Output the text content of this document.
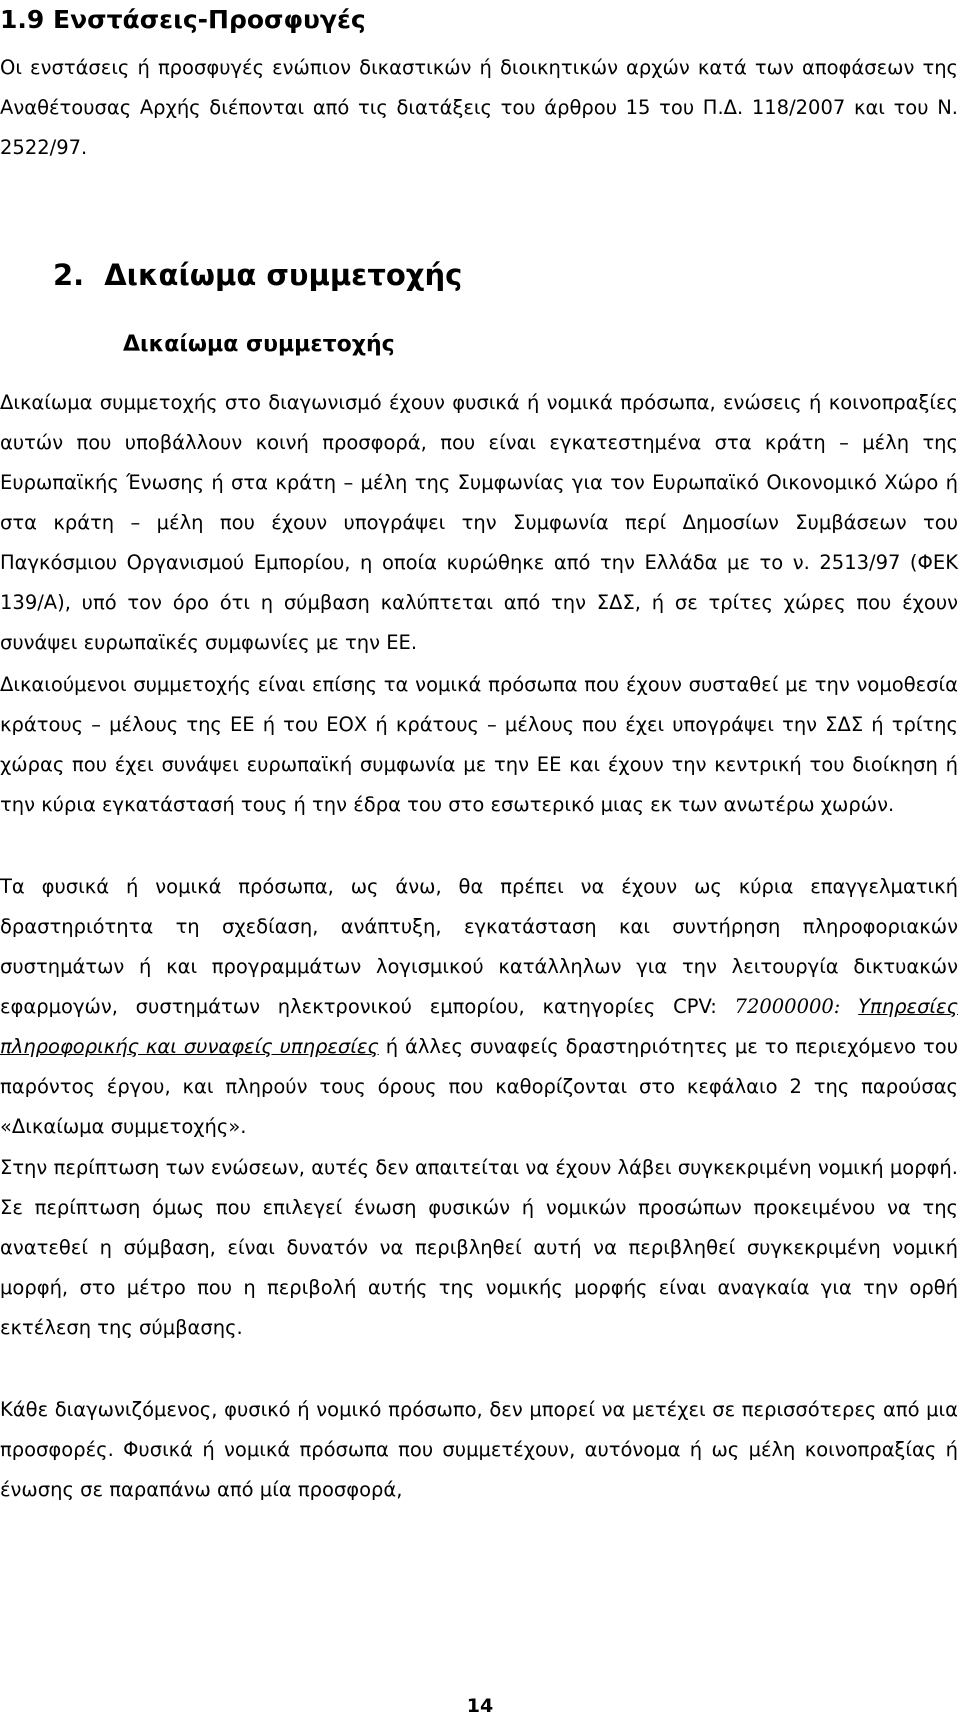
1.9 Ενστάσεις-Προσφυγές

Οι ενστάσεις ή προσφυγές ενώπιον δικαστικών ή διοικητικών αρχών κατά των αποφάσεων της Αναθέτουσας Αρχής διέπονται από τις διατάξεις του άρθρου 15 του Π.Δ. 118/2007 και του Ν. 2522/97.

2. Δικαίωμα συμμετοχής
Δικαίωμα συμμετοχής

Δικαίωμα συμμετοχής στο διαγωνισμό έχουν φυσικά ή νομικά πρόσωπα, ενώσεις ή κοινοπραξίες αυτών που υποβάλλουν κοινή προσφορά, που είναι εγκατεστημένα στα κράτη – μέλη της Ευρωπαϊκής Ένωσης ή στα κράτη – μέλη της Συμφωνίας για τον Ευρωπαϊκό Οικονομικό Χώρο ή στα κράτη – μέλη που έχουν υπογράψει την Συμφωνία περί Δημοσίων Συμβάσεων του Παγκόσμιου Οργανισμού Εμπορίου, η οποία κυρώθηκε από την Ελλάδα με το ν. 2513/97 (ΦΕΚ 139/Α), υπό τον όρο ότι η σύμβαση καλύπτεται από την ΣΔΣ, ή σε τρίτες χώρες που έχουν συνάψει ευρωπαϊκές συμφωνίες με την ΕΕ.

Δικαιούμενοι συμμετοχής είναι επίσης τα νομικά πρόσωπα που έχουν συσταθεί με την νομοθεσία κράτους – μέλους της ΕΕ ή του ΕΟΧ ή κράτους – μέλους που έχει υπογράψει την ΣΔΣ ή τρίτης χώρας που έχει συνάψει ευρωπαϊκή συμφωνία με την ΕΕ και έχουν την κεντρική του διοίκηση ή την κύρια εγκατάστασή τους ή την έδρα του στο εσωτερικό μιας εκ των ανωτέρω χωρών.

Τα φυσικά ή νομικά πρόσωπα, ως άνω, θα πρέπει να έχουν ως κύρια επαγγελματική δραστηριότητα τη σχεδίαση, ανάπτυξη, εγκατάσταση και συντήρηση πληροφοριακών συστημάτων ή και προγραμμάτων λογισμικού κατάλληλων για την λειτουργία δικτυακών εφαρμογών, συστημάτων ηλεκτρονικού εμπορίου, κατηγορίες CPV: 72000000: Υπηρεσίες πληροφορικής και συναφείς υπηρεσίες ή άλλες συναφείς δραστηριότητες με το περιεχόμενο του παρόντος έργου, και πληρούν τους όρους που καθορίζονται στο κεφάλαιο 2 της παρούσας «Δικαίωμα συμμετοχής».

Στην περίπτωση των ενώσεων, αυτές δεν απαιτείται να έχουν λάβει συγκεκριμένη νομική μορφή. Σε περίπτωση όμως που επιλεγεί ένωση φυσικών ή νομικών προσώπων προκειμένου να της ανατεθεί η σύμβαση, είναι δυνατόν να περιβληθεί αυτή να περιβληθεί συγκεκριμένη νομική μορφή, στο μέτρο που η περιβολή αυτής της νομικής μορφής είναι αναγκαία για την ορθή εκτέλεση της σύμβασης.

Κάθε διαγωνιζόμενος, φυσικό ή νομικό πρόσωπο, δεν μπορεί να μετέχει σε περισσότερες από μια προσφορές. Φυσικά ή νομικά πρόσωπα που συμμετέχουν, αυτόνομα ή ως μέλη κοινοπραξίας ή ένωσης σε παραπάνω από μία προσφορά,

14
